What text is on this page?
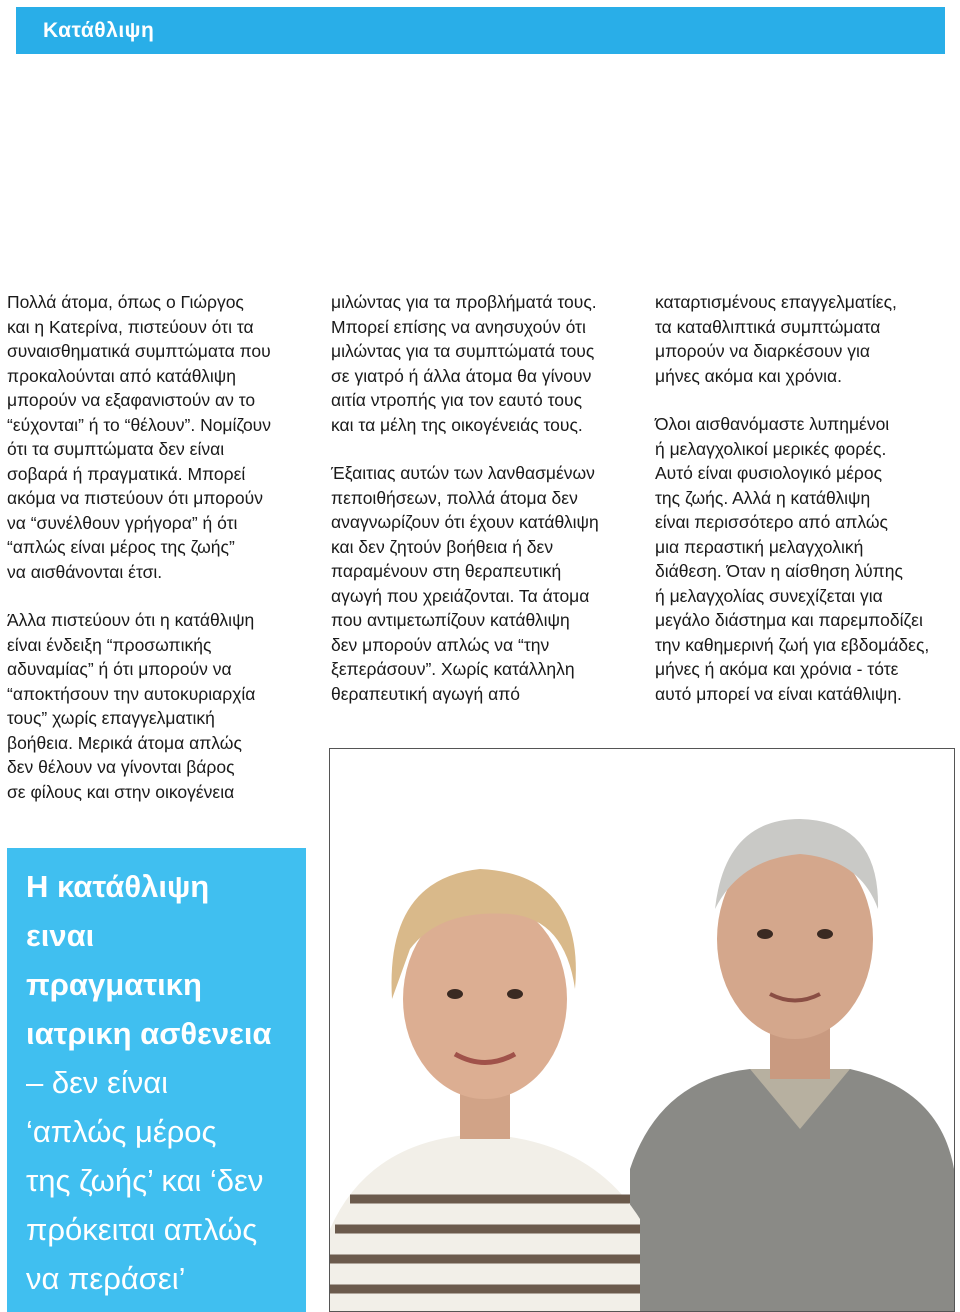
Κατάθλιψη

Πολλά άτομα, όπως ο Γιώργος
και η Κατερίνα, πιστεύουν ότι τα
συναισθηματικά συμπτώματα που
προκαλούνται από κατάθλιψη
μπορούν να εξαφανιστούν αν το
“εύχονται” ή το “θέλουν”. Νομίζουν
ότι τα συμπτώματα δεν είναι
σοβαρά ή πραγματικά. Μπορεί
ακόμα να πιστεύουν ότι μπορούν
να “συνέλθουν γρήγορα” ή ότι
“απλώς είναι μέρος της ζωής”
να αισθάνονται έτσι.

Άλλα πιστεύουν ότι η κατάθλιψη
είναι ένδειξη “προσωπικής
αδυναμίας” ή ότι μπορούν να
“αποκτήσουν την αυτοκυριαρχία
τους” χωρίς επαγγελματική
βοήθεια. Μερικά άτομα απλώς
δεν θέλουν να γίνονται βάρος
σε φίλους και στην οικογένεια

μιλώντας για τα προβλήματά τους.
Μπορεί επίσης να ανησυχούν ότι
μιλώντας για τα συμπτώματά τους
σε γιατρό ή άλλα άτομα θα γίνουν
αιτία ντροπής για τον εαυτό τους
και τα μέλη της οικογένειάς τους.

Έξαιτιας αυτών των λανθασμένων
πεποιθήσεων, πολλά άτομα δεν
αναγνωρίζουν ότι έχουν κατάθλιψη
και δεν ζητούν βοήθεια ή δεν
παραμένουν στη θεραπευτική
αγωγή που χρειάζονται. Τα άτομα
που αντιμετωπίζουν κατάθλιψη
δεν μπορούν απλώς να “την
ξεπεράσουν”. Χωρίς κατάλληλη
θεραπευτική αγωγή από

καταρτισμένους επαγγελματίες,
τα καταθλιπτικά συμπτώματα
μπορούν να διαρκέσουν για
μήνες ακόμα και χρόνια.

Όλοι αισθανόμαστε λυπημένοι
ή μελαγχολικοί μερικές φορές.
Αυτό είναι φυσιολογικό μέρος
της ζωής. Αλλά η κατάθλιψη
είναι περισσότερο από απλώς
μια περαστική μελαγχολική
διάθεση. Όταν η αίσθηση λύπης
ή μελαγχολίας συνεχίζεται για
μεγάλο διάστημα και παρεμποδίζει
την καθημερινή ζωή για εβδομάδες,
μήνες ή ακόμα και χρόνια - τότε
αυτό μπορεί να είναι κατάθλιψη.

Η κατάθλιψη
ειναι
πραγματικη
ιατρικη ασθενεια
– δεν είναι
‘απλώς μέρος
της ζωής’ και ‘δεν
πρόκειται απλώς
να περάσει’
